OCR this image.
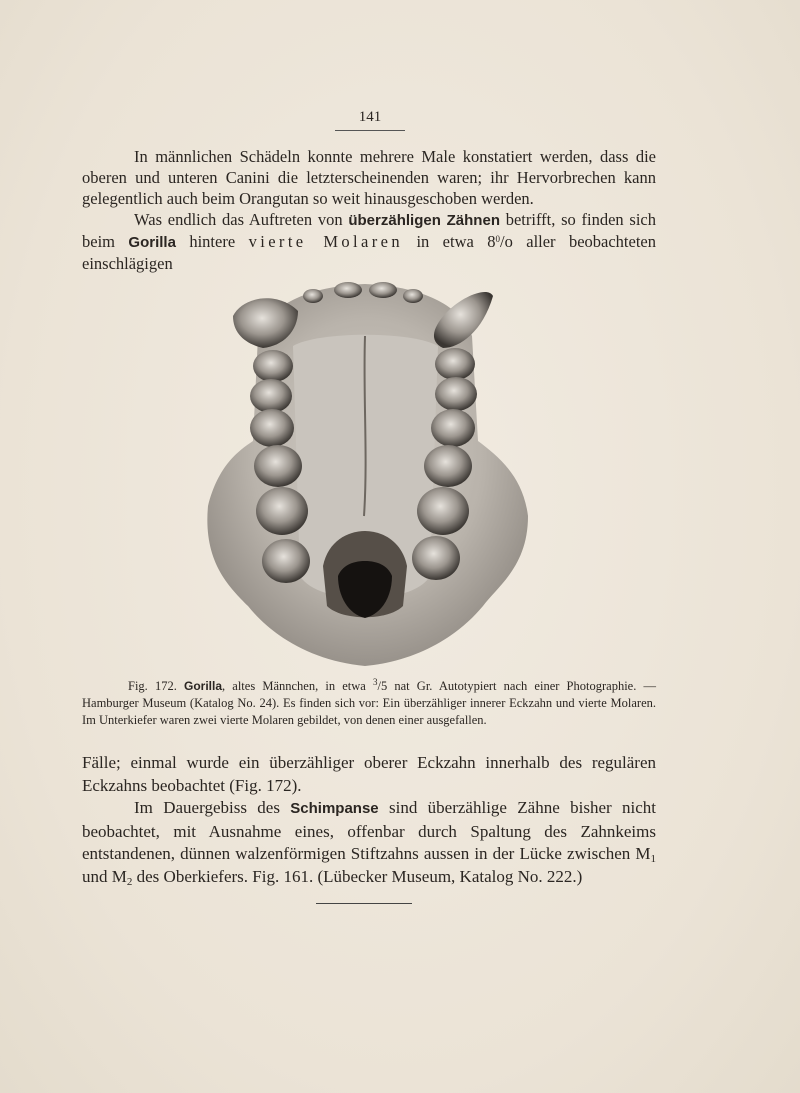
141

In männlichen Schädeln konnte mehrere Male konstatiert werden, dass die oberen und unteren Canini die letzterscheinenden waren; ihr Hervorbrechen kann gelegentlich auch beim Orangutan so weit hinausgeschoben werden.

Was endlich das Auftreten von überzähligen Zähnen betrifft, so finden sich beim Gorilla hintere vierte Molaren in etwa $8^0/o$ aller beobachteten einschlägigen

Fig. 172. Gorilla, altes Männchen, in etwa $^3$/5 nat Gr. Autotypiert nach einer Photographie. — Hamburger Museum (Katalog No. 24). Es finden sich vor: Ein überzähliger innerer Eckzahn und vierte Molaren. Im Unterkiefer waren zwei vierte Molaren gebildet, von denen einer ausgefallen.

Fälle; einmal wurde ein überzähliger oberer Eckzahn innerhalb des regulären Eckzahns beobachtet (Fig. 172).

Im Dauergebiss des Schimpanse sind überzählige Zähne bisher nicht beobachtet, mit Ausnahme eines, offenbar durch Spaltung des Zahnkeims entstandenen, dünnen walzenförmigen Stiftzahns aussen in der Lücke zwischen $M_1$ und $M_2$ des Oberkiefers. Fig. 161. (Lübecker Museum, Katalog No. 222.)
